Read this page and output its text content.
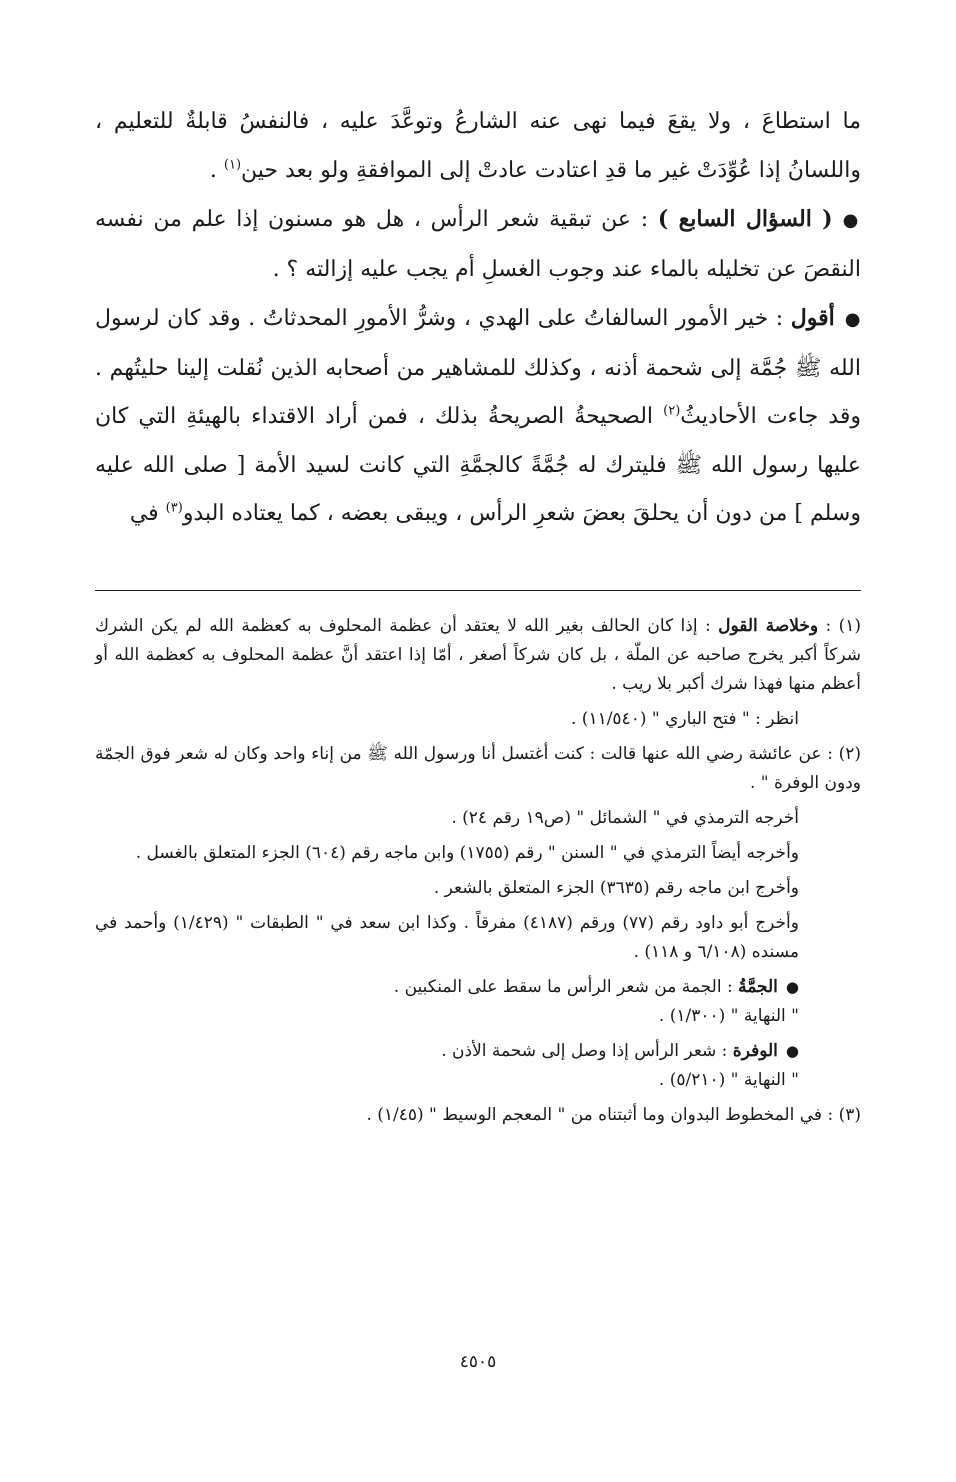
ما استطاعَ ، ولا يقعَ فيما نهى عنه الشارعُ وتوعَّدَ عليه ، فالنفسُ قابلةٌ للتعليم ، واللسانُ إذا عُوِّدَتْ غير ما قدِ اعتادت عادتْ إلى الموافقةِ ولو بعد حين$^{(١)}$ .

●( السؤال السابع ) : عن تبقية شعر الرأس ، هل هو مسنون إذا علم من نفسه النقصَ عن تخليله بالماء عند وجوب الغسلِ أم يجب عليه إزالته ؟ .

●أقول : خير الأمور السالفاتُ على الهدي ، وشرُّ الأمورِ المحدثاتُ . وقد كان لرسول الله ﷺ جُمَّة إلى شحمة أذنه ، وكذلك للمشاهير من أصحابه الذين نُقلت إلينا حليتُهم . وقد جاءت الأحاديثُ$^{(٢)}$ الصحيحةُ الصريحةُ بذلك ، فمن أراد الاقتداء بالهيئةِ التي كان عليها رسول الله ﷺ فليترك له جُمَّةً كالجمَّةِ التي كانت لسيد الأمة [ صلى الله عليه وسلم ] من دون أن يحلقَ بعضَ شعرِ الرأس ، ويبقى بعضه ، كما يعتاده البدو$^{(٣)}$ في

(١) : وخلاصة القول : إذا كان الحالف بغير الله لا يعتقد أن عظمة المحلوف به كعظمة الله لم يكن الشرك شركاً أكبر يخرج صاحبه عن الملّة ، بل كان شركاً أصغر ، أمّا إذا اعتقد أنَّ عظمة المحلوف به كعظمة الله أو أعظم منها فهذا شرك أكبر بلا ريب .

انظر : " فتح الباري " (١١/٥٤٠) .

(٢) : عن عائشة رضي الله عنها قالت : كنت أغتسل أنا ورسول الله ﷺ من إناء واحد وكان له شعر فوق الجمّة ودون الوفرة " .

أخرجه الترمذي في " الشمائل " (ص١٩ رقم ٢٤) .

وأخرجه أيضاً الترمذي في " السنن " رقم (١٧٥٥) وابن ماجه رقم (٦٠٤) الجزء المتعلق بالغسل .

وأخرج ابن ماجه رقم (٣٦٣٥) الجزء المتعلق بالشعر .

وأخرج أبو داود رقم (٧٧) ورقم (٤١٨٧) مفرقاً . وكذا ابن سعد في " الطبقات " (١/٤٢٩) وأحمد في مسنده (٦/١٠٨ و ١١٨) .

●الجمَّةُ : الجمة من شعر الرأس ما سقط على المنكبين .

" النهاية " (١/٣٠٠) .

●الوفرة : شعر الرأس إذا وصل إلى شحمة الأذن .

" النهاية " (٥/٢١٠) .

(٣) : في المخطوط البدوان وما أثبتناه من " المعجم الوسيط " (١/٤٥) .

٤٥٠٥
